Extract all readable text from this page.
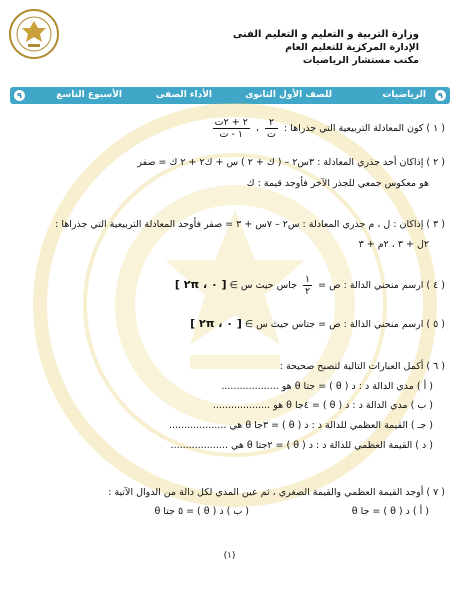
وزارة التربية و التعليم و التعليم الفنى
الإدارة المركزية للتعليم العام
مكتب مستشار الرياضيات
٩
الرياضيات
للصف الأول الثانوى
الأداء الصفى
الأسبوع التاسع
٩
( ١ ) كون المعادلة التربيعية التي جذراها :
$\frac{٢}{\text{ت}}$
،
$\frac{\text{٢ + ٢ت}}{\text{١ - ت}}$
( ٢ ) إذاكان أحد جذري المعادلة : ٣س٢ – ( ك + ٢ ) س + ك٢ + ٢ ك = صفر
هو معكوس جمعي للجذر الآخر فأوجد قيمة : ك
( ٣ ) إذاكان : ل ، م جذري المعادلة : س٢ – ٧س + ٣ = صفر فأوجد المعادلة التربيعية التي جذراها :
٢ل + ٣ ، ٢م + ٣
( ٤ ) ارسم منحني الدالة : ص =
$\frac{١}{٢}$
جاس حيث س ∋ [ ٠ ، ٢π ]
( ٥ ) ارسم منحني الدالة : ص = جتاس حيث س ∋ [ ٠ ، ٢π ]
( ٦ ) أكمل العبارات التالية لتصبح صحيحة :
( أ ) مدي الدالة د : د ( θ ) = جتا θ هو ...................
( ب ) مدي الدالة د : د ( θ ) = ٤جا θ هو ...................
( جـ ) القيمة العظمي للدالة د : د ( θ ) = ٣جا θ هي ...................
( د ) القيمة العظمي للدالة د : د ( θ ) = ٢جتا θ هي ...................
( ٧ ) أوجد القيمة العظمي والقيمة الصغري ، ثم عين المدي لكل دالة من الدوال الآتية :
( أ ) د ( θ ) = جا θ
( ب ) د ( θ ) = ٥ جتا θ
(١)
